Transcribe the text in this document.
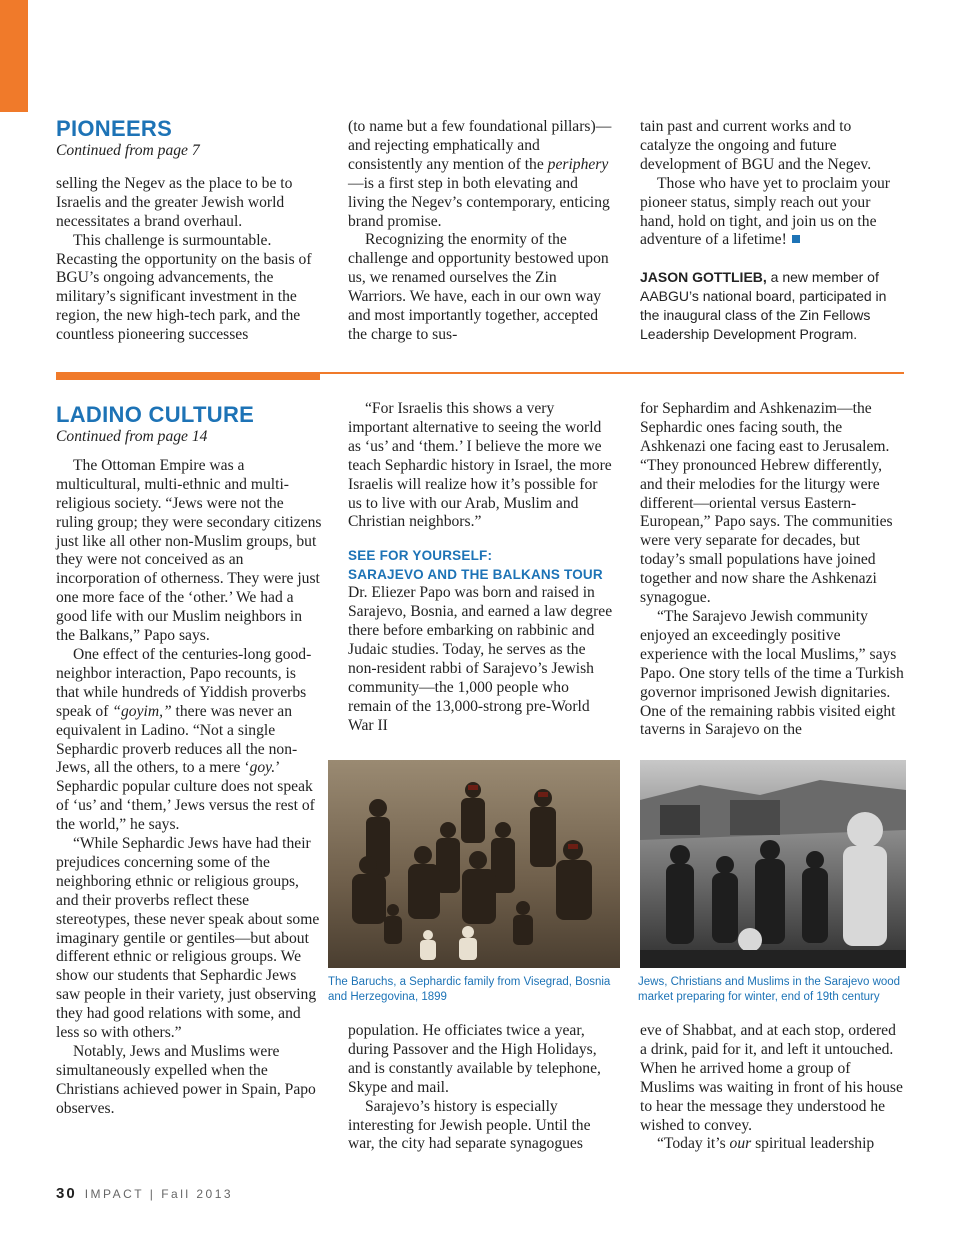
PIONEERS

Continued from page 7

selling the Negev as the place to be to Israelis and the greater Jewish world necessitates a brand overhaul.

This challenge is surmountable. Recasting the opportunity on the basis of BGU’s ongoing advancements, the military’s significant investment in the region, the new high-tech park, and the countless pioneering successes

(to name but a few foundational pillars)—and rejecting emphatically and consistently any mention of the periphery—is a first step in both elevating and living the Negev’s contemporary, enticing brand promise.

Recognizing the enormity of the challenge and opportunity bestowed upon us, we renamed ourselves the Zin Warriors. We have, each in our own way and most importantly together, accepted the charge to sus-

tain past and current works and to catalyze the ongoing and future development of BGU and the Negev.

Those who have yet to proclaim your pioneer status, simply reach out your hand, hold on tight, and join us on the adventure of a lifetime!

JASON GOTTLIEB, a new member of AABGU’s national board, participated in the inaugural class of the Zin Fellows Leadership Development Program.

LADINO CULTURE

Continued from page 14

The Ottoman Empire was a multicultural, multi-ethnic and multi-religious society. “Jews were not the ruling group; they were secondary citizens just like all other non-Muslim groups, but they were not conceived as an incorporation of otherness. They were just one more face of the ‘other.’ We had a good life with our Muslim neighbors in the Balkans,” Papo says.

One effect of the centuries-long good-neighbor interaction, Papo recounts, is that while hundreds of Yiddish proverbs speak of “goyim,” there was never an equivalent in Ladino. “Not a single Sephardic proverb reduces all the non-Jews, all the others, to a mere ‘goy.’ Sephardic popular culture does not speak of ‘us’ and ‘them,’ Jews versus the rest of the world,” he says.

“While Sephardic Jews have had their prejudices concerning some of the neighboring ethnic or religious groups, and their proverbs reflect these stereotypes, these never speak about some imaginary gentile or gentiles—but about different ethnic or religious groups. We show our students that Sephardic Jews saw people in their variety, just observing they had good relations with some, and less so with others.”

Notably, Jews and Muslims were simultaneously expelled when the Christians achieved power in Spain, Papo observes.

“For Israelis this shows a very important alternative to seeing the world as ‘us’ and ‘them.’ I believe the more we teach Sephardic history in Israel, the more Israelis will realize how it’s possible for us to live with our Arab, Muslim and Christian neighbors.”

SEE FOR YOURSELF:

SARAJEVO AND THE BALKANS TOUR

Dr. Eliezer Papo was born and raised in Sarajevo, Bosnia, and earned a law degree there before embarking on rabbinic and Judaic studies. Today, he serves as the non-resident rabbi of Sarajevo’s Jewish community—the 1,000 people who remain of the 13,000-strong pre-World War II

for Sephardim and Ashkenazim—the Sephardic ones facing south, the Ashkenazi one facing east to Jerusalem. “They pronounced Hebrew differently, and their melodies for the liturgy were different—oriental versus Eastern-European,” Papo says. The communities were very separate for decades, but today’s small populations have joined together and now share the Ashkenazi synagogue.

“The Sarajevo Jewish community enjoyed an exceedingly positive experience with the local Muslims,” says Papo. One story tells of the time a Turkish governor imprisoned Jewish dignitaries. One of the remaining rabbis visited eight taverns in Sarajevo on the

The Baruchs, a Sephardic family from Visegrad, Bosnia and Herzegovina, 1899
Jews, Christians and Muslims in the Sarajevo wood market preparing for winter, end of 19th century

population. He officiates twice a year, during Passover and the High Holidays, and is constantly available by telephone, Skype and mail.

Sarajevo’s history is especially interesting for Jewish people. Until the war, the city had separate synagogues

eve of Shabbat, and at each stop, ordered a drink, paid for it, and left it untouched. When he arrived home a group of Muslims was waiting in front of his house to hear the message they understood he wished to convey.

“Today it’s our spiritual leadership

30 IMPACT | Fall 2013
